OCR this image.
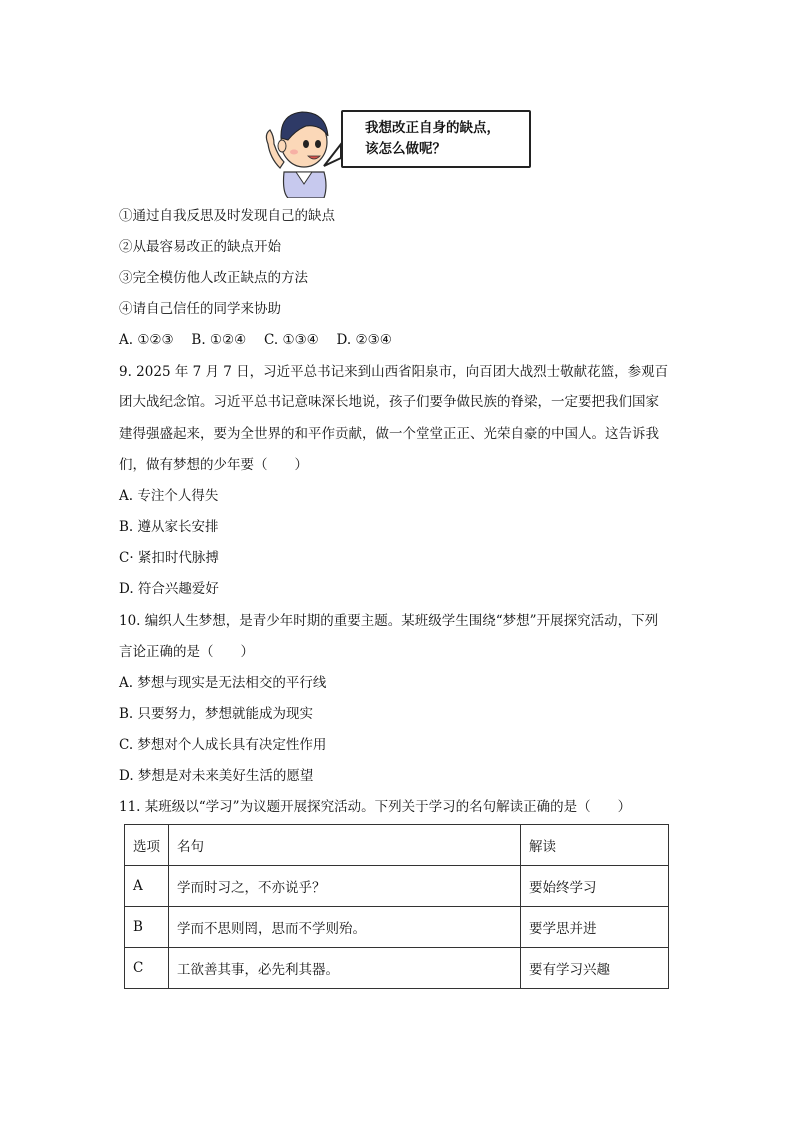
我想改正自身的缺点，
该怎么做呢？
①通过自我反思及时发现自己的缺点
②从最容易改正的缺点开始
③完全模仿他人改正缺点的方法
④请自己信任的同学来协助
A. ①②③　 B. ①②④　 C. ①③④　 D. ②③④
9. 2025 年 7 月 7 日，习近平总书记来到山西省阳泉市，向百团大战烈士敬献花篮，参观百
团大战纪念馆。习近平总书记意味深长地说，孩子们要争做民族的脊梁，一定要把我们国家
建得强盛起来，要为全世界的和平作贡献，做一个堂堂正正、光荣自豪的中国人。这告诉我
们，做有梦想的少年要（　　）
A. 专注个人得失
B. 遵从家长安排
C· 紧扣时代脉搏
D. 符合兴趣爱好
10. 编织人生梦想，是青少年时期的重要主题。某班级学生围绕“梦想”开展探究活动，下列
言论正确的是（　　）
A. 梦想与现实是无法相交的平行线
B. 只要努力，梦想就能成为现实
C. 梦想对个人成长具有决定性作用
D. 梦想是对未来美好生活的愿望
11. 某班级以“学习”为议题开展探究活动。下列关于学习的名句解读正确的是（　　）
选项	名句	解读
A	学而时习之，不亦说乎？	要始终学习
B	学而不思则罔，思而不学则殆。	要学思并进
C	工欲善其事，必先利其器。	要有学习兴趣
